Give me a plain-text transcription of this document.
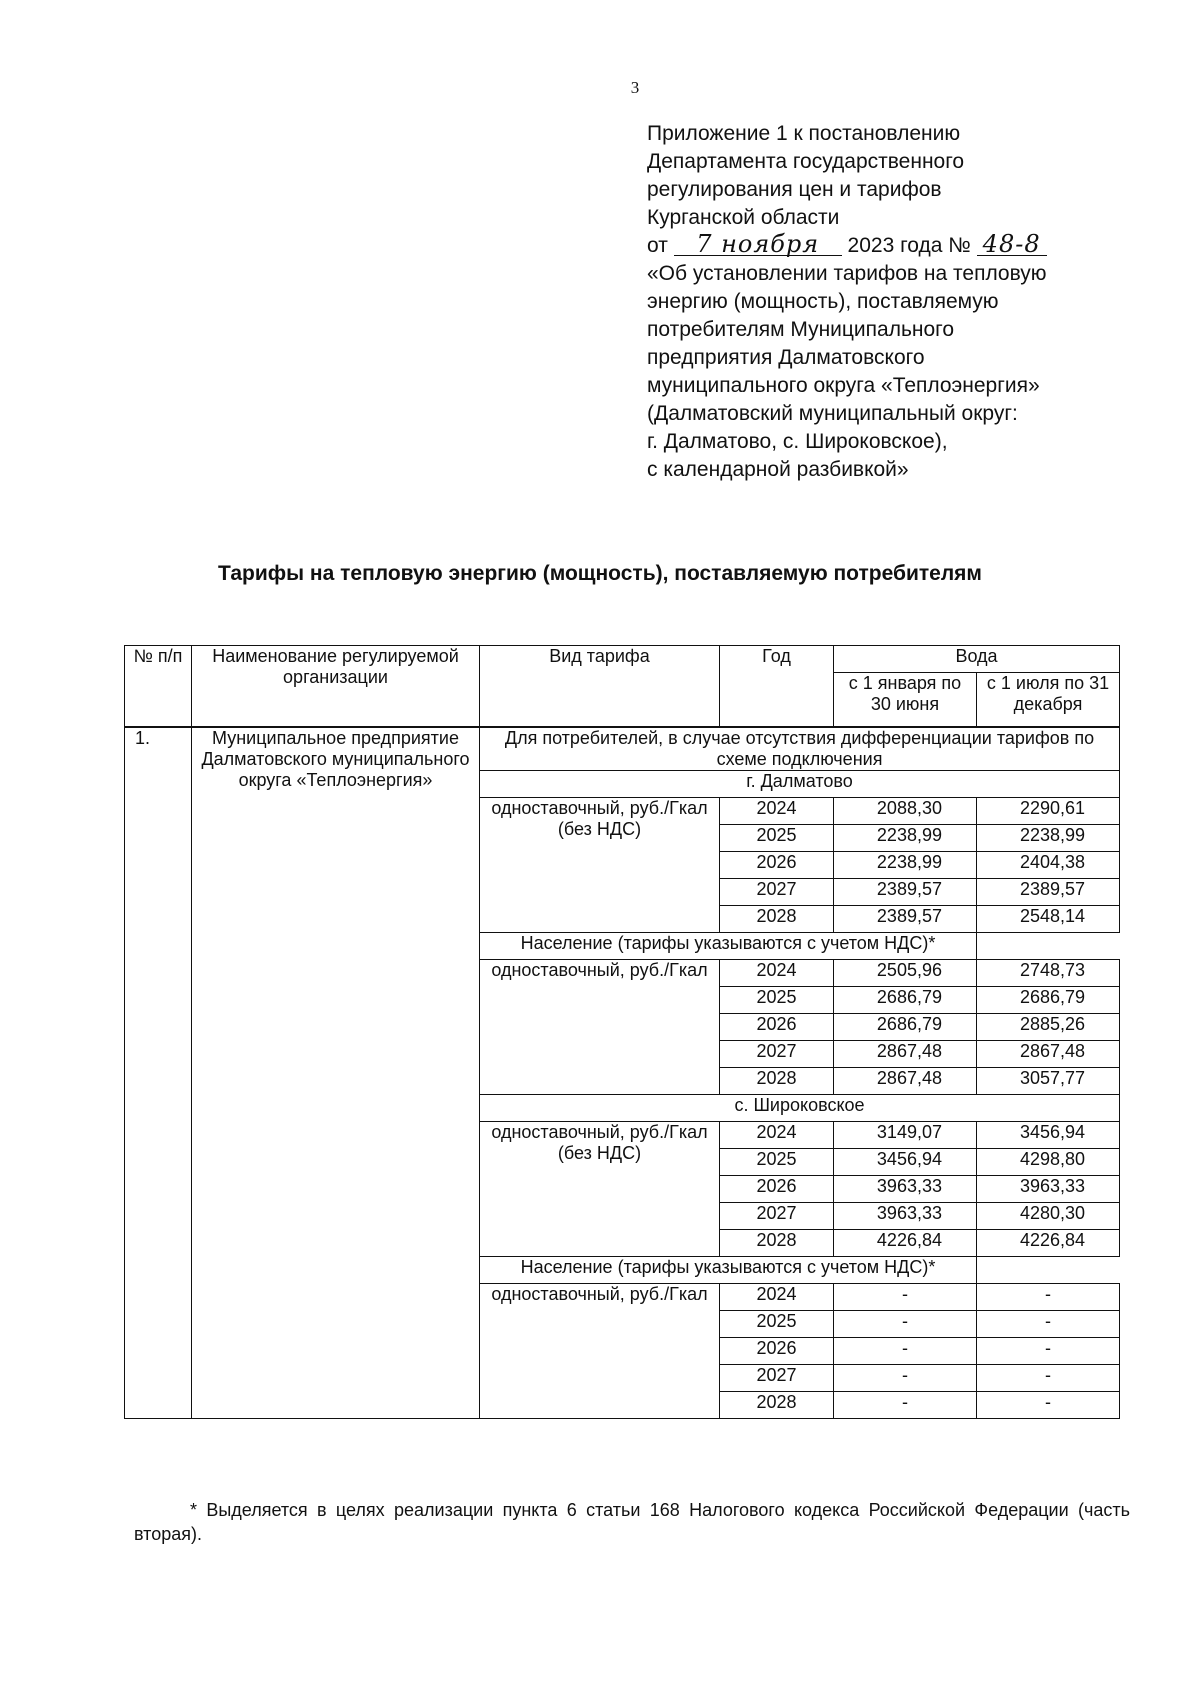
3
Приложение 1 к постановлению
Департамента государственного
регулирования цен и тарифов
Курганской области
от 7 ноября 2023 года № 48-8
«Об установлении тарифов на тепловую
энергию (мощность), поставляемую
потребителям Муниципального
предприятия Далматовского
муниципального округа «Теплоэнергия»
(Далматовский муниципальный округ:
г. Далматово, с. Широковское),
с календарной разбивкой»
Тарифы на тепловую энергию (мощность), поставляемую потребителям
№ п/п	Наименование регулируемой организации	Вид тарифа	Год	Вода	
				с 1 января по 30 июня	с 1 июля по 31 декабря
1.	Муниципальное предприятие Далматовского муниципального округа «Теплоэнергия»	Для потребителей, в случае отсутствия дифференциации тарифов по схеме подключения			
		г. Далматово			
		одноставочный, руб./Гкал (без НДС)	2024	2088,30	2290,61
			2025	2238,99	2238,99
			2026	2238,99	2404,38
			2027	2389,57	2389,57
			2028	2389,57	2548,14
		Население (тарифы указываются с учетом НДС)*			
		одноставочный, руб./Гкал	2024	2505,96	2748,73
			2025	2686,79	2686,79
			2026	2686,79	2885,26
			2027	2867,48	2867,48
			2028	2867,48	3057,77
		с. Широковское			
		одноставочный, руб./Гкал (без НДС)	2024	3149,07	3456,94
			2025	3456,94	4298,80
			2026	3963,33	3963,33
			2027	3963,33	4280,30
			2028	4226,84	4226,84
		Население (тарифы указываются с учетом НДС)*			
		одноставочный, руб./Гкал	2024	-	-
			2025	-	-
			2026	-	-
			2027	-	-
			2028	-	-
* Выделяется в целях реализации пункта 6 статьи 168 Налогового кодекса Российской Федерации (часть вторая).
